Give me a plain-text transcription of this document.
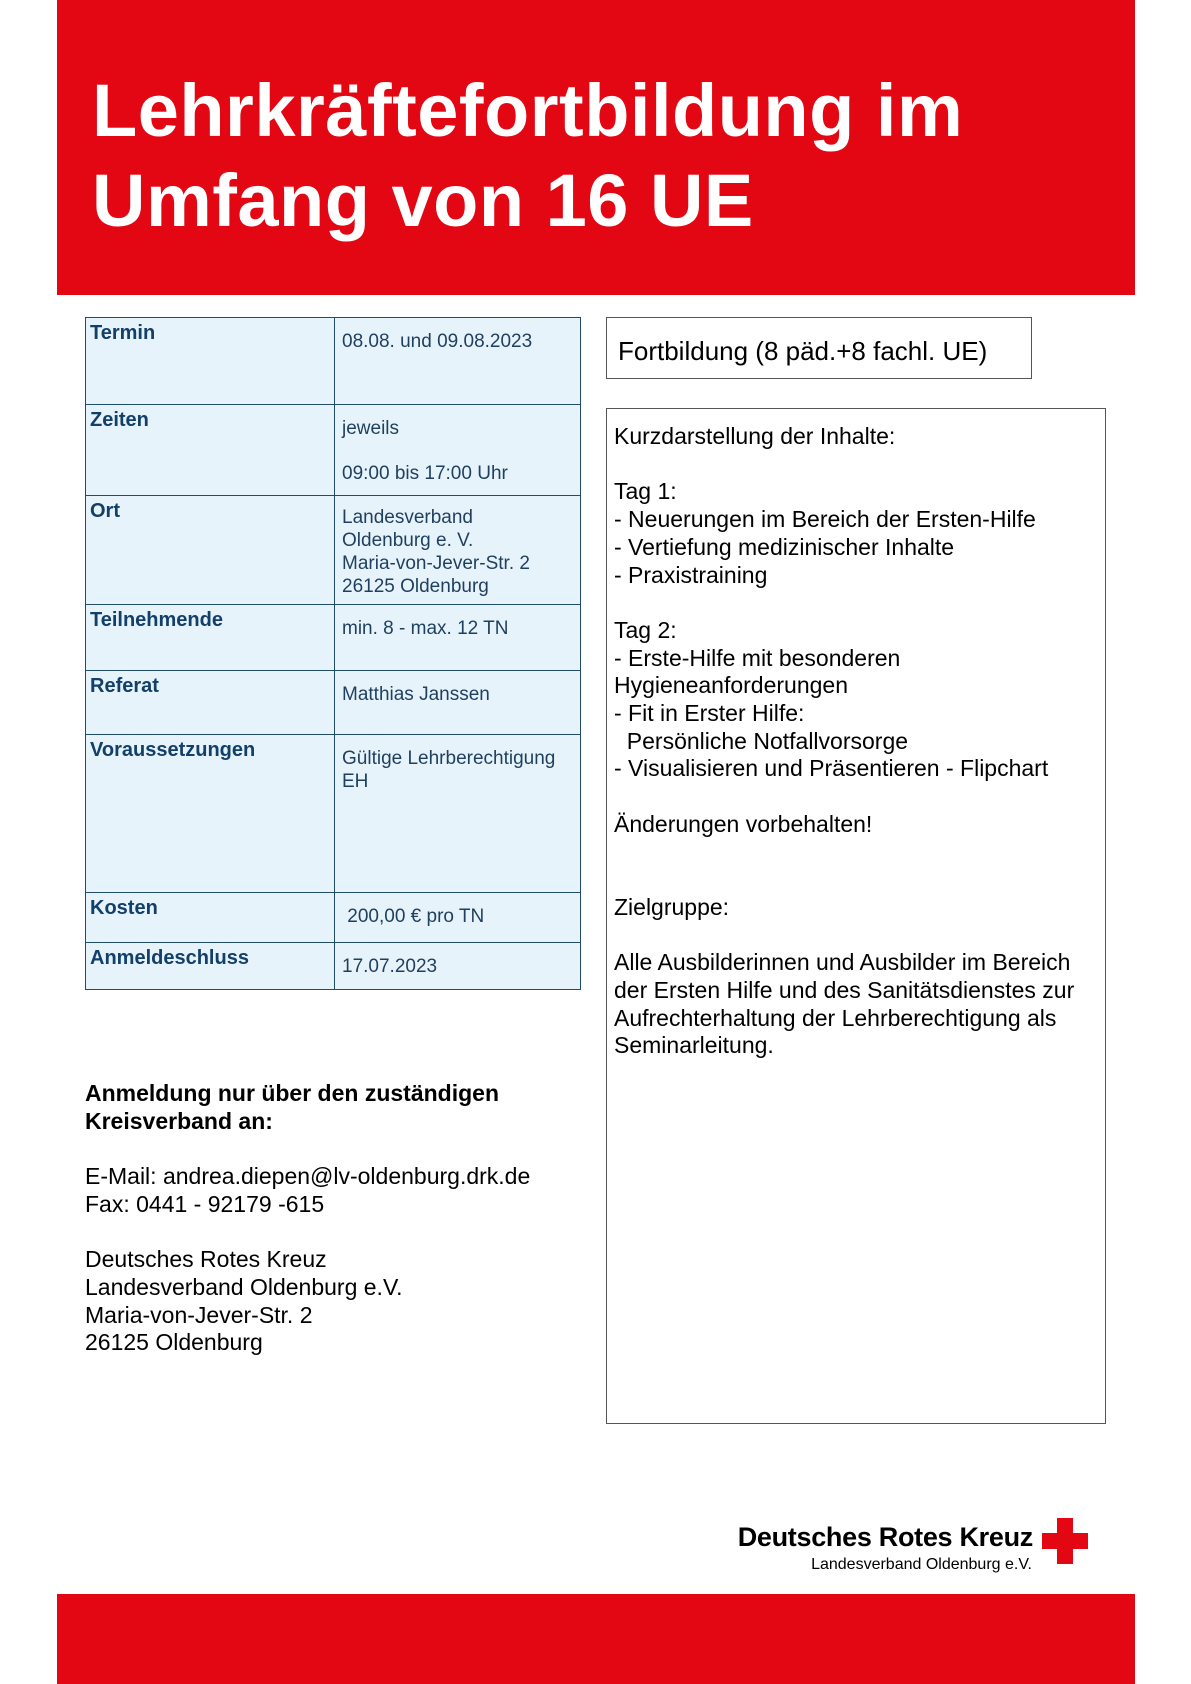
Lehrkräftefortbildung im
Umfang von 16 UE
Termin	08.08. und 09.08.2023

Zeiten	jeweils
09:00 bis 17:00 Uhr

Ort	Landesverband
Oldenburg e. V.
Maria-von-Jever-Str. 2
26125 Oldenburg

Teilnehmende	min. 8 - max. 12 TN

Referat	Matthias Janssen

Voraussetzungen	Gültige Lehrberechtigung
EH

Kosten	200,00 € pro TN

Anmeldeschluss	17.07.2023
Fortbildung (8 päd.+8 fachl. UE)
Kurzdarstellung der Inhalte:
Tag 1:
- Neuerungen im Bereich der Ersten-Hilfe
- Vertiefung medizinischer Inhalte
- Praxistraining
Tag 2:
- Erste-Hilfe mit besonderen
Hygieneanforderungen
- Fit in Erster Hilfe:
Persönliche Notfallvorsorge
- Visualisieren und Präsentieren - Flipchart
Änderungen vorbehalten!
Zielgruppe:
Alle Ausbilderinnen und Ausbilder im Bereich
der Ersten Hilfe und des Sanitätsdienstes zur
Aufrechterhaltung der Lehrberechtigung als
Seminarleitung.
Anmeldung nur über den zuständigen
Kreisverband an:
E-Mail: andrea.diepen@lv-oldenburg.drk.de
Fax: 0441 - 92179 -615
Deutsches Rotes Kreuz
Landesverband Oldenburg e.V.
Maria-von-Jever-Str. 2
26125 Oldenburg
Deutsches Rotes Kreuz
Landesverband Oldenburg e.V.
